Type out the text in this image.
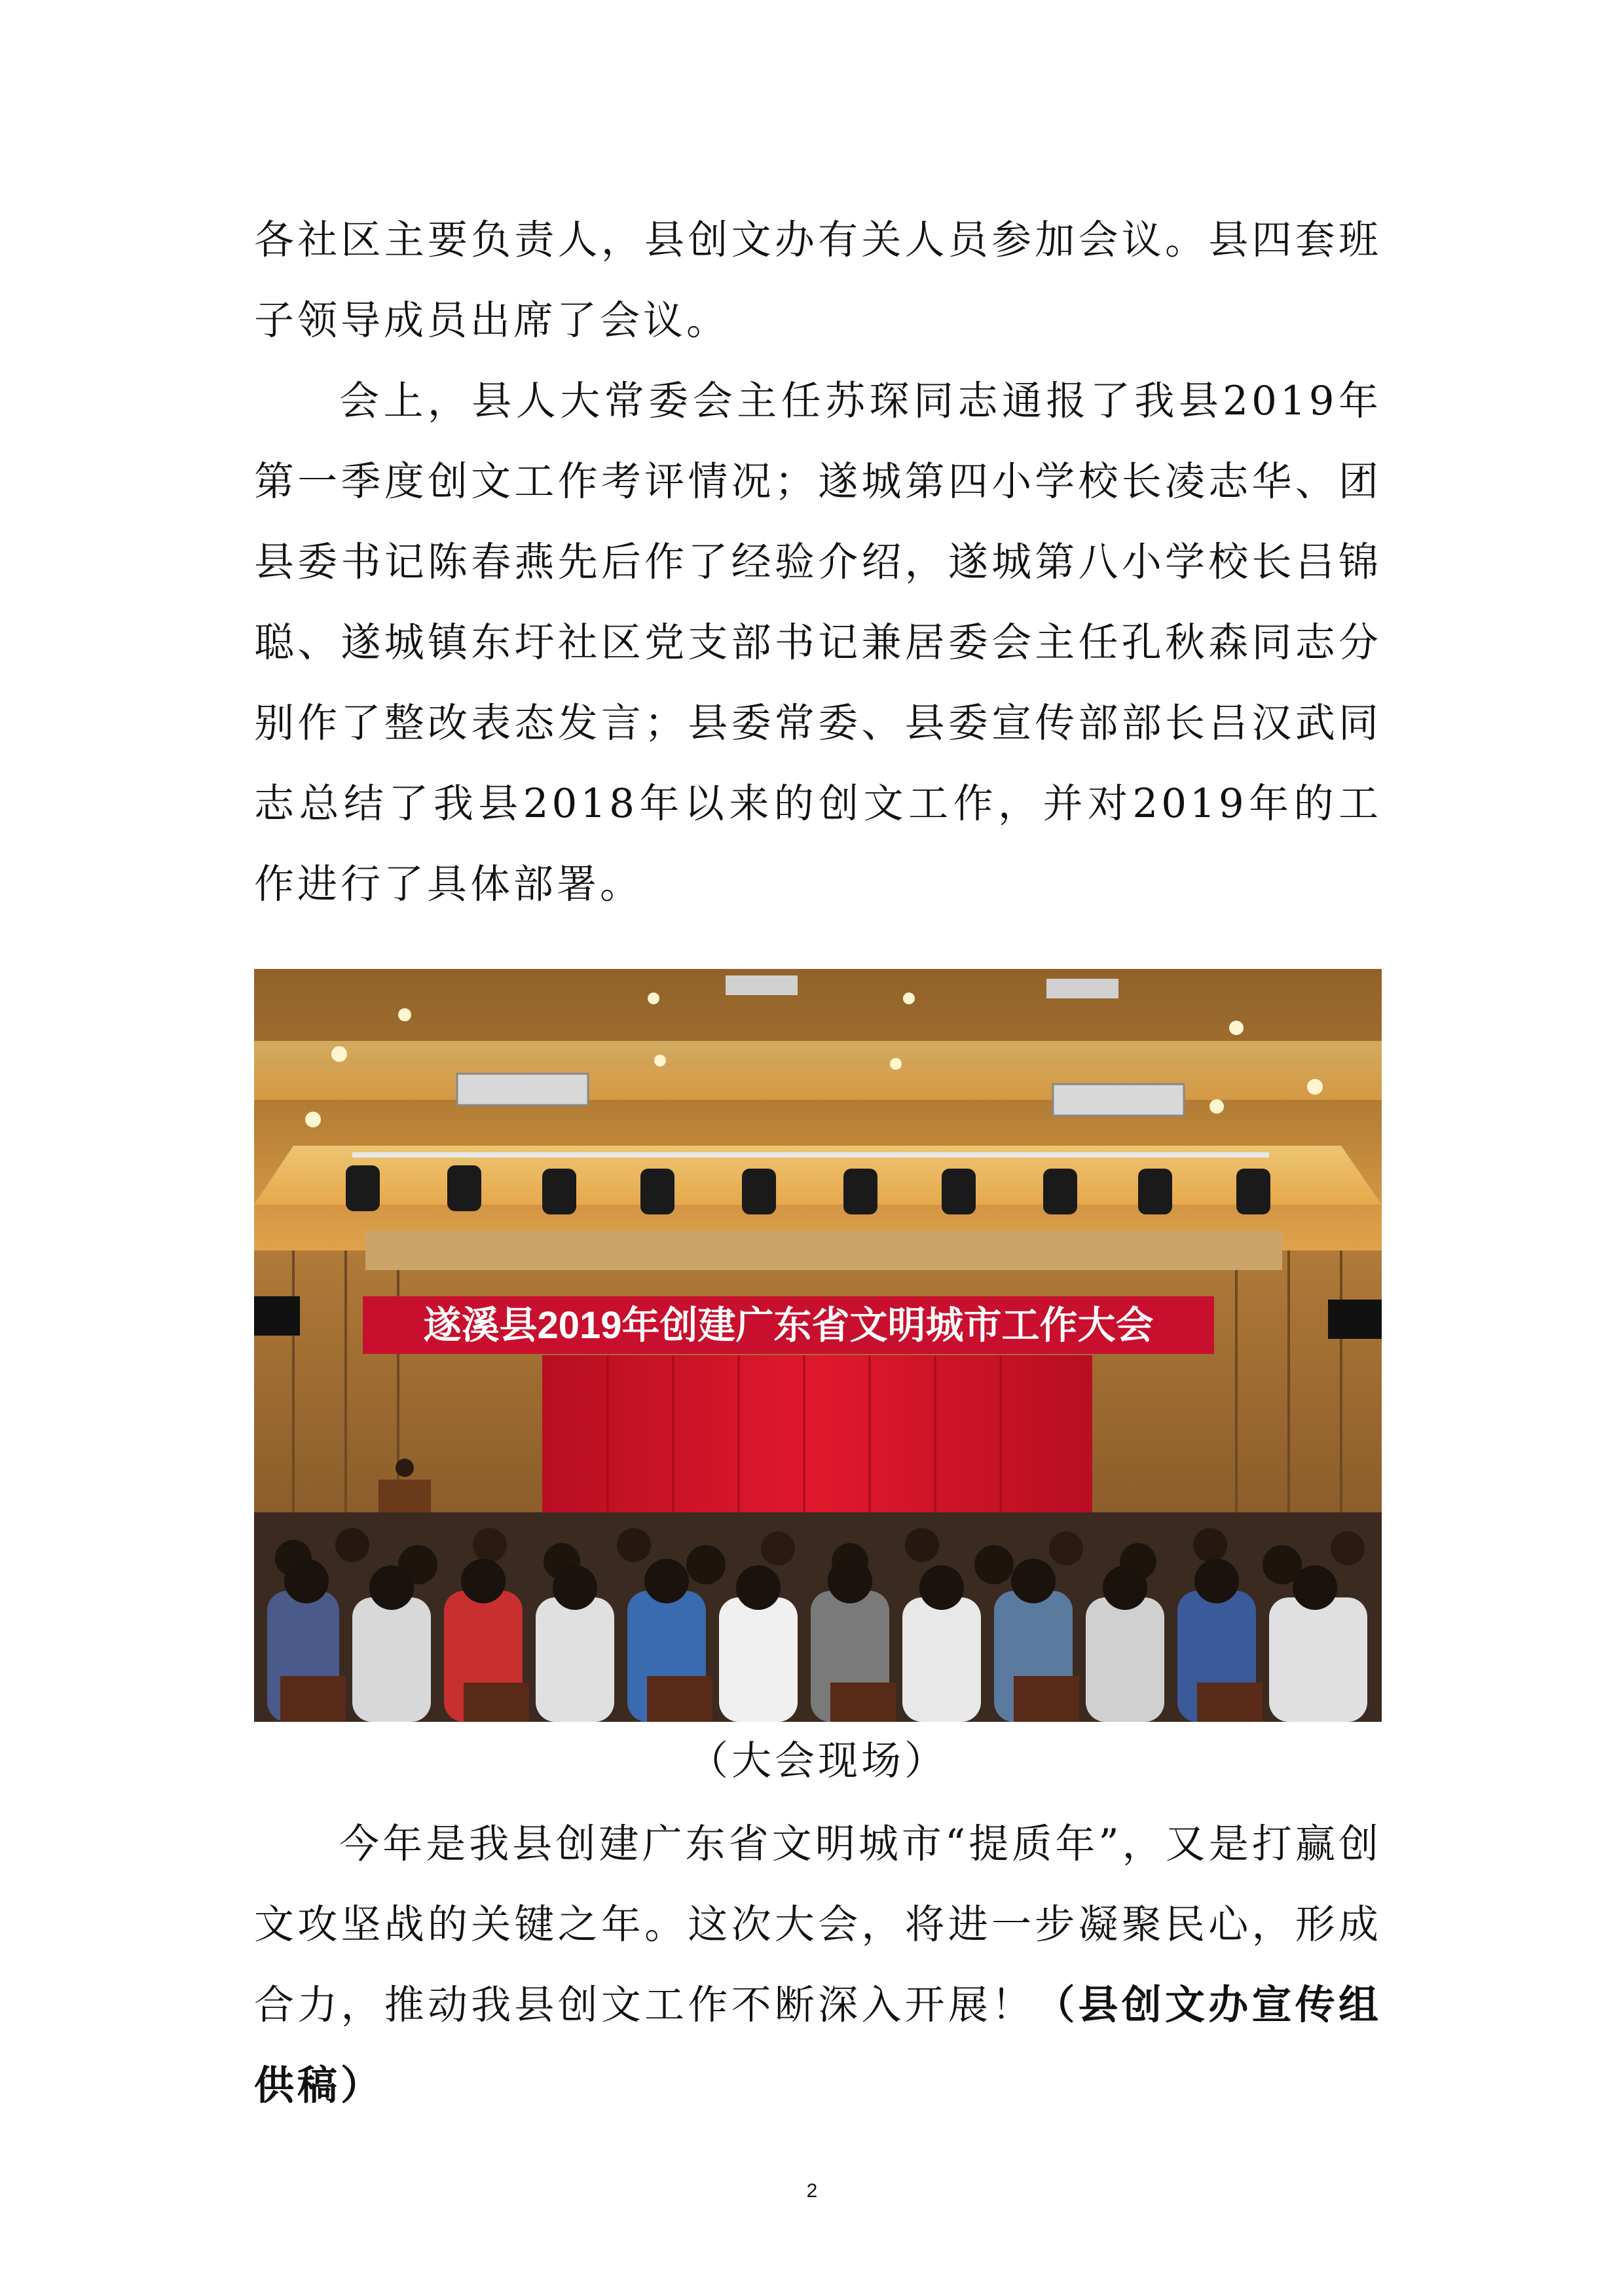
各社区主要负责人，县创文办有关人员参加会议。县四套班子领导成员出席了会议。

会上，县人大常委会主任苏琛同志通报了我县2019年第一季度创文工作考评情况；遂城第四小学校长凌志华、团县委书记陈春燕先后作了经验介绍，遂城第八小学校长吕锦聪、遂城镇东圩社区党支部书记兼居委会主任孔秋森同志分别作了整改表态发言；县委常委、县委宣传部部长吕汉武同志总结了我县2018年以来的创文工作，并对2019年的工作进行了具体部署。

遂溪县2019年创建广东省文明城市工作大会
（大会现场）

今年是我县创建广东省文明城市“提质年”，又是打赢创文攻坚战的关键之年。这次大会，将进一步凝聚民心，形成合力，推动我县创文工作不断深入开展！（县创文办宣传组供稿）

2
